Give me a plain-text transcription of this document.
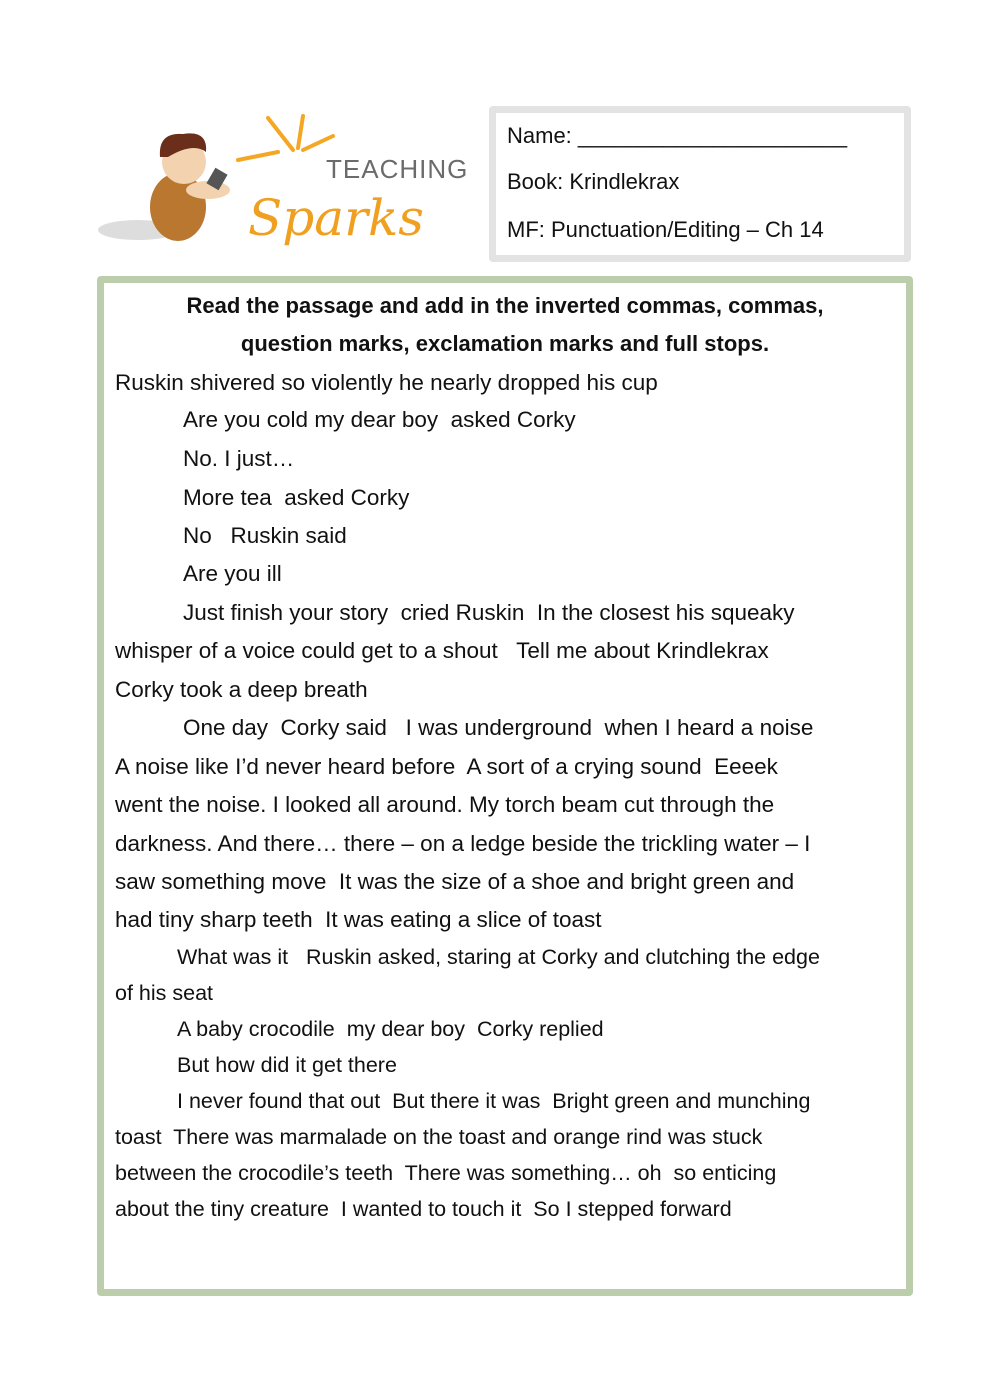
TEACHING
Sparks
Name: ______________________
Book: Krindlekrax
MF: Punctuation/Editing – Ch 14
Read the passage and add in the inverted commas, commas,
question marks, exclamation marks and full stops.
Ruskin shivered so violently he nearly dropped his cup
Are you cold my dear boy  asked Corky
No. I just…
More tea  asked Corky
No   Ruskin said
Are you ill
Just finish your story  cried Ruskin  In the closest his squeaky
whisper of a voice could get to a shout   Tell me about Krindlekrax
Corky took a deep breath
One day  Corky said   I was underground  when I heard a noise
A noise like I’d never heard before  A sort of a crying sound  Eeeek
went the noise. I looked all around. My torch beam cut through the
darkness. And there… there – on a ledge beside the trickling water – I
saw something move  It was the size of a shoe and bright green and
had tiny sharp teeth  It was eating a slice of toast
What was it   Ruskin asked, staring at Corky and clutching the edge
of his seat
A baby crocodile  my dear boy  Corky replied
But how did it get there
I never found that out  But there it was  Bright green and munching
toast  There was marmalade on the toast and orange rind was stuck
between the crocodile’s teeth  There was something… oh  so enticing
about the tiny creature  I wanted to touch it  So I stepped forward
